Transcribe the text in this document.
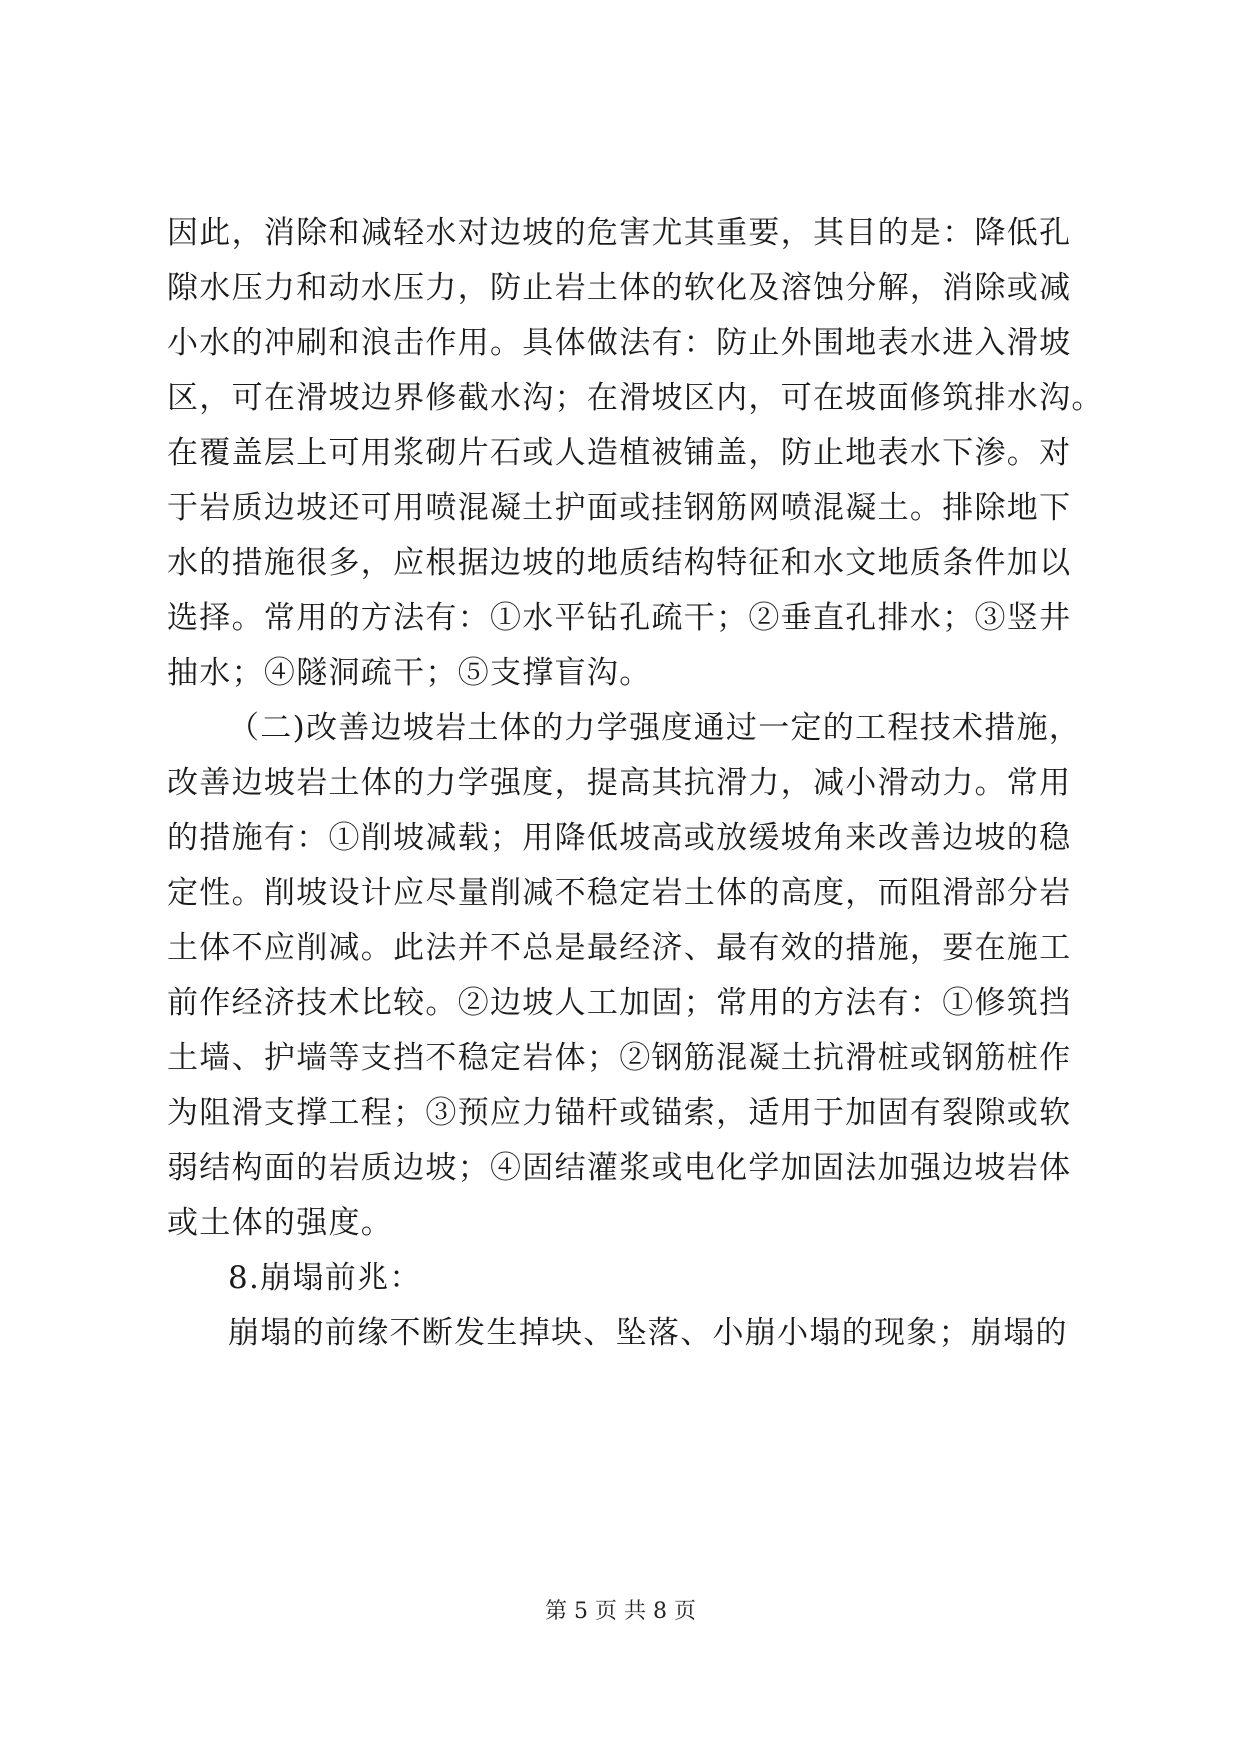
因此，消除和减轻水对边坡的危害尤其重要，其目的是：降低孔
隙水压力和动水压力，防止岩土体的软化及溶蚀分解，消除或减
小水的冲刷和浪击作用。具体做法有：防止外围地表水进入滑坡
区，可在滑坡边界修截水沟；在滑坡区内，可在坡面修筑排水沟。
在覆盖层上可用浆砌片石或人造植被铺盖，防止地表水下渗。对
于岩质边坡还可用喷混凝土护面或挂钢筋网喷混凝土。排除地下
水的措施很多，应根据边坡的地质结构特征和水文地质条件加以
选择。常用的方法有：①水平钻孔疏干；②垂直孔排水；③竖井
抽水；④隧洞疏干；⑤支撑盲沟。
（二)改善边坡岩土体的力学强度通过一定的工程技术措施，
改善边坡岩土体的力学强度，提高其抗滑力，减小滑动力。常用
的措施有：①削坡减载；用降低坡高或放缓坡角来改善边坡的稳
定性。削坡设计应尽量削减不稳定岩土体的高度，而阻滑部分岩
土体不应削减。此法并不总是最经济、最有效的措施，要在施工
前作经济技术比较。②边坡人工加固；常用的方法有：①修筑挡
土墙、护墙等支挡不稳定岩体；②钢筋混凝土抗滑桩或钢筋桩作
为阻滑支撑工程；③预应力锚杆或锚索，适用于加固有裂隙或软
弱结构面的岩质边坡；④固结灌浆或电化学加固法加强边坡岩体
或土体的强度。
8.崩塌前兆：
崩塌的前缘不断发生掉块、坠落、小崩小塌的现象；崩塌的
第 5 页 共 8 页
